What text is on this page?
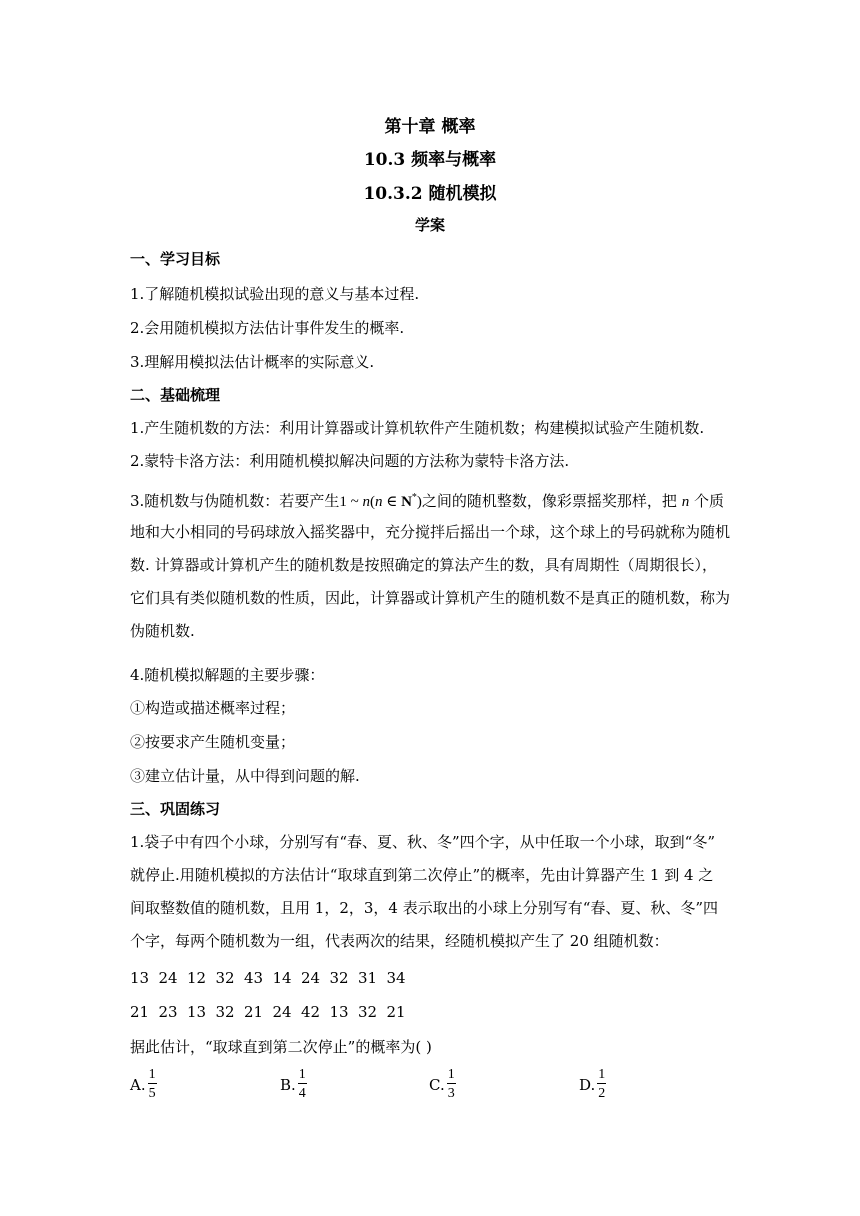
第十章 概率
10.3 频率与概率
10.3.2 随机模拟
学案
一、学习目标
1.了解随机模拟试验出现的意义与基本过程.
2.会用随机模拟方法估计事件发生的概率.
3.理解用模拟法估计概率的实际意义.
二、基础梳理
1.产生随机数的方法：利用计算器或计算机软件产生随机数；构建模拟试验产生随机数.
2.蒙特卡洛方法：利用随机模拟解决问题的方法称为蒙特卡洛方法.
3.随机数与伪随机数：若要产生1 ~ n(n ∈ N*)之间的随机整数，像彩票摇奖那样，把 n 个质
地和大小相同的号码球放入摇奖器中，充分搅拌后摇出一个球，这个球上的号码就称为随机
数. 计算器或计算机产生的随机数是按照确定的算法产生的数，具有周期性（周期很长），
它们具有类似随机数的性质，因此，计算器或计算机产生的随机数不是真正的随机数，称为
伪随机数.
4.随机模拟解题的主要步骤：
①构造或描述概率过程；
②按要求产生随机变量；
③建立估计量，从中得到问题的解.
三、巩固练习
1.袋子中有四个小球，分别写有“春、夏、秋、冬”四个字，从中任取一个小球，取到“冬”
就停止.用随机模拟的方法估计“取球直到第二次停止”的概率，先由计算器产生 1 到 4 之
间取整数值的随机数，且用 1，2，3，4 表示取出的小球上分别写有“春、夏、秋、冬”四
个字，每两个随机数为一组，代表两次的结果，经随机模拟产生了 20 组随机数：
13 24 12 32 43 14 24 32 31 34
21 23 13 32 21 24 42 13 32 21
据此估计，“取球直到第二次停止”的概率为( )
A. $\frac{1}{5}$	B. $\frac{1}{4}$	C. $\frac{1}{3}$	D. $\frac{1}{2}$
